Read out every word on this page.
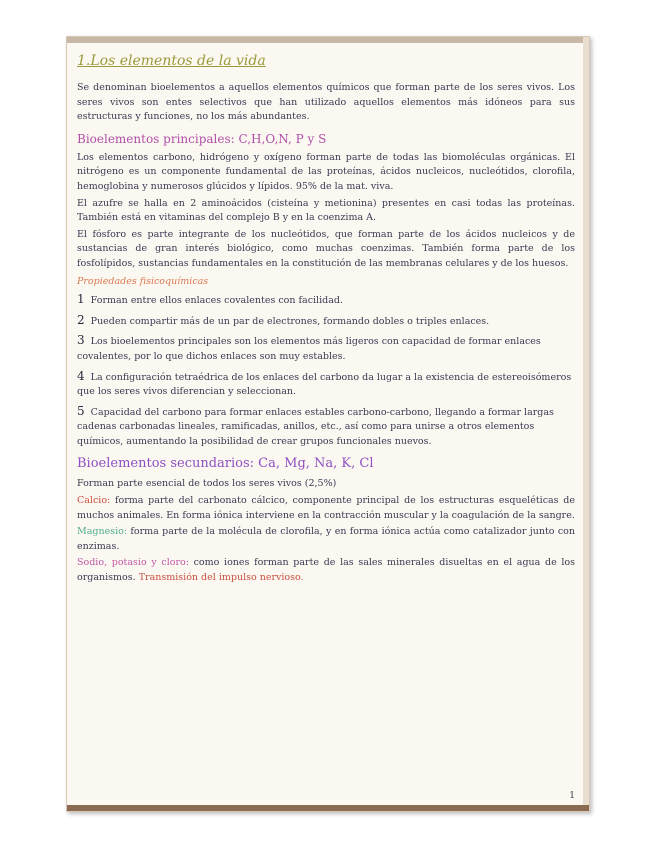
1.Los elementos de la vida

Se denominan bioelementos a aquellos elementos químicos que forman parte de los seres vivos. Los seres vivos son entes selectivos que han utilizado aquellos elementos más idóneos para sus estructuras y funciones, no los más abundantes.

Bioelementos principales: C,H,O,N, P y S

Los elementos carbono, hidrógeno y oxígeno forman parte de todas las biomoléculas orgánicas. El nitrógeno es un componente fundamental de las proteínas, ácidos nucleicos, nucleótidos, clorofila, hemoglobina y numerosos glúcidos y lípidos. 95% de la mat. viva.

El azufre se halla en 2 aminoácidos (cisteína y metionina) presentes en casi todas las proteínas. También está en vitaminas del complejo B y en la coenzima A.

El fósforo es parte integrante de los nucleótidos, que forman parte de los ácidos nucleicos y de sustancias de gran interés biológico, como muchas coenzimas. También forma parte de los fosfolípidos, sustancias fundamentales en la constitución de las membranas celulares y de los huesos.

Propiedades fisicoquímicas
1 Forman entre ellos enlaces covalentes con facilidad.
2 Pueden compartir más de un par de electrones, formando dobles o triples enlaces.
3 Los bioelementos principales son los elementos más ligeros con capacidad de formar enlaces covalentes, por lo que dichos enlaces son muy estables.
4 La configuración tetraédrica de los enlaces del carbono da lugar a la existencia de estereoisómeros que los seres vivos diferencian y seleccionan.
5 Capacidad del carbono para formar enlaces estables carbono-carbono, llegando a formar largas cadenas carbonadas lineales, ramificadas, anillos, etc., así como para unirse a otros elementos químicos, aumentando la posibilidad de crear grupos funcionales nuevos.
Bioelementos secundarios: Ca, Mg, Na, K, Cl

Forman parte esencial de todos los seres vivos (2,5%)

Calcio: forma parte del carbonato cálcico, componente principal de los estructuras esqueléticas de muchos animales. En forma iónica interviene en la contracción muscular y la coagulación de la sangre.

Magnesio: forma parte de la molécula de clorofila, y en forma iónica actúa como catalizador junto con enzimas.

Sodio, potasio y cloro: como iones forman parte de las sales minerales disueltas en el agua de los organismos. Transmisión del impulso nervioso.

1
